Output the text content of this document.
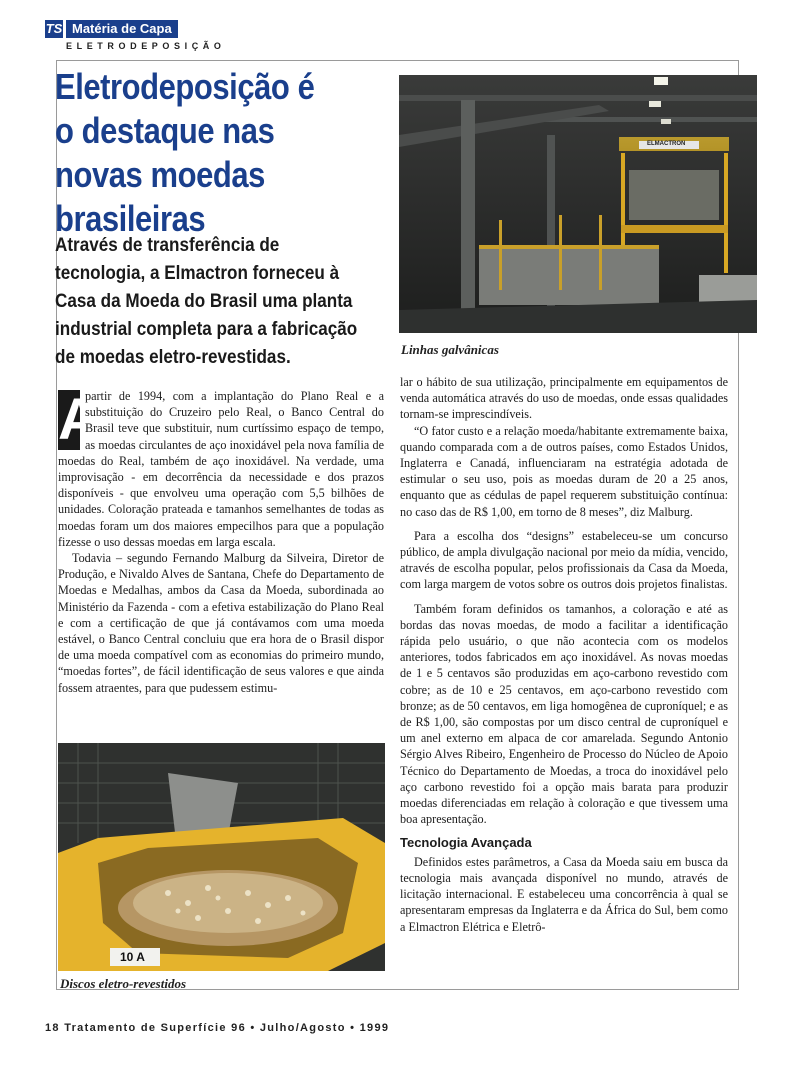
TS Matéria de Capa
ELETRODEPOSIÇÃO
Eletrodeposição é o destaque nas novas moedas brasileiras
Através de transferência de tecnologia, a Elmactron forneceu à Casa da Moeda do Brasil uma planta industrial completa para a fabricação de moedas eletro-revestidas.
ELMACTRON
Linhas galvânicas
10 A
Discos eletro-revestidos

A
partir de 1994, com a implantação do Plano Real e a substituição do Cruzeiro pelo Real, o Banco Central do Brasil teve que substituir, num curtíssimo espaço de tempo, as moedas circulantes de aço inoxidável pela nova família de moedas do Real, também de aço inoxidável. Na verdade, uma improvisação - em decorrência da necessidade e dos prazos disponíveis - que envolveu uma operação com 5,5 bilhões de unidades. Coloração prateada e tamanhos semelhantes de todas as moedas foram um dos maiores empecilhos para que a população fizesse o uso dessas moedas em larga escala.

Todavia – segundo Fernando Malburg da Silveira, Diretor de Produção, e Nivaldo Alves de Santana, Chefe do Departamento de Moedas e Medalhas, ambos da Casa da Moeda, subordinada ao Ministério da Fazenda - com a efetiva estabilização do Plano Real e com a certificação de que já contávamos com uma moeda estável, o Banco Central concluiu que era hora de o Brasil dispor de uma moeda compatível com as economias do primeiro mundo, “moedas fortes”, de fácil identificação de seus valores e que ainda fossem atraentes, para que pudessem estimu-

lar o hábito de sua utilização, principalmente em equipamentos de venda automática através do uso de moedas, onde essas qualidades tornam-se imprescindíveis.

“O fator custo e a relação moeda/habitante extremamente baixa, quando comparada com a de outros países, como Estados Unidos, Inglaterra e Canadá, influenciaram na estratégia adotada de estimular o seu uso, pois as moedas duram de 20 a 25 anos, enquanto que as cédulas de papel requerem substituição contínua: no caso das de R$ 1,00, em torno de 8 meses”, diz Malburg.

Para a escolha dos “designs” estabeleceu-se um concurso público, de ampla divulgação nacional por meio da mídia, vencido, através de escolha popular, pelos profissionais da Casa da Moeda, com larga margem de votos sobre os outros dois projetos finalistas.

Também foram definidos os tamanhos, a coloração e até as bordas das novas moedas, de modo a facilitar a identificação rápida pelo usuário, o que não acontecia com os modelos anteriores, todos fabricados em aço inoxidável. As novas moedas de 1 e 5 centavos são produzidas em aço-carbono revestido com cobre; as de 10 e 25 centavos, em aço-carbono revestido com bronze; as de 50 centavos, em liga homogênea de cuproníquel; e as de R$ 1,00, são compostas por um disco central de cuproníquel e um anel externo em alpaca de cor amarelada. Segundo Antonio Sérgio Alves Ribeiro, Engenheiro de Processo do Núcleo de Apoio Técnico do Departamento de Moedas, a troca do inoxidável pelo aço carbono revestido foi a opção mais barata para produzir moedas diferenciadas em relação à coloração e que tivessem uma boa apresentação.

Tecnologia Avançada

Definidos estes parâmetros, a Casa da Moeda saiu em busca da tecnologia mais avançada disponível no mundo, através de licitação internacional. E estabeleceu uma concorrência à qual se apresentaram empresas da Inglaterra e da África do Sul, bem como a Elmactron Elétrica e Eletrô-

18 Tratamento de Superfície 96 • Julho/Agosto • 1999
